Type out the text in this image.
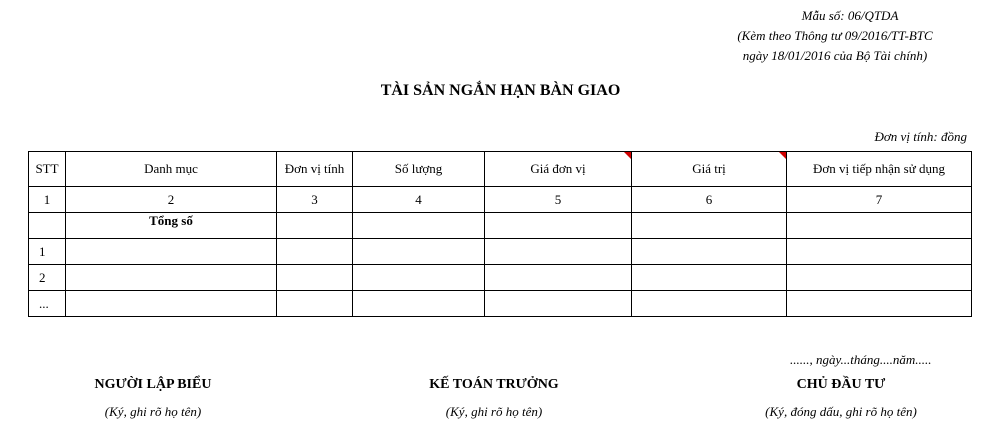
Mẫu số: 06/QTDA
(Kèm theo Thông tư 09/2016/TT-BTC
ngày 18/01/2016 của Bộ Tài chính)
TÀI SẢN NGẮN HẠN BÀN GIAO
Đơn vị tính: đồng
STT	Danh mục	Đơn vị tính	Số lượng	Giá đơn vị	Giá trị	Đơn vị tiếp nhận sử dụng
1	2	3	4	5	6	7
	Tổng số					
1						
2						
...						
......, ngày...tháng....năm.....
NGƯỜI LẬP BIỂU
(Ký, ghi rõ họ tên)
KẾ TOÁN TRƯỞNG
(Ký, ghi rõ họ tên)
CHỦ ĐẦU TƯ
(Ký, đóng dấu, ghi rõ họ tên)
